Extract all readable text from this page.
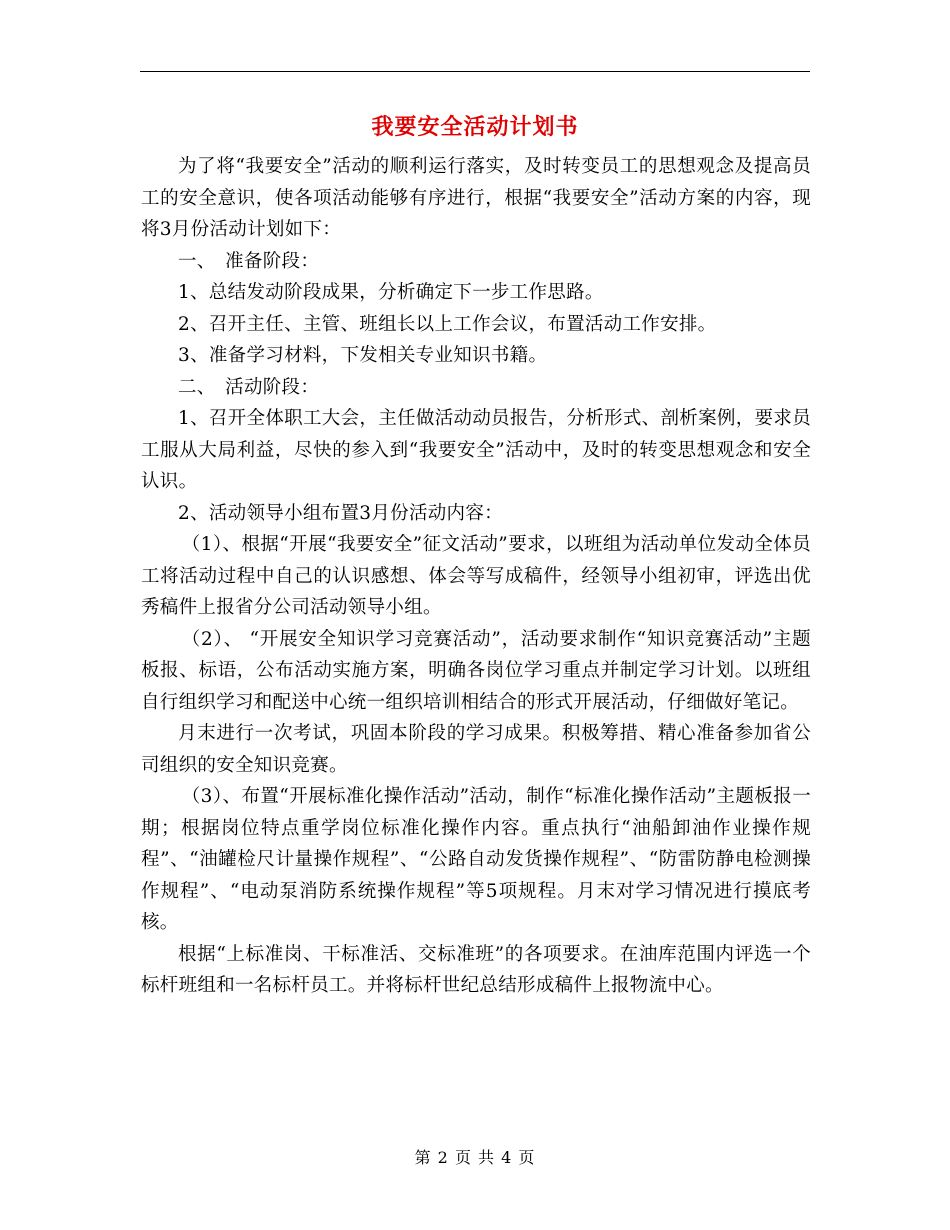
我要安全活动计划书

为了将“我要安全”活动的顺利运行落实，及时转变员工的思想观念及提高员工的安全意识，使各项活动能够有序进行，根据“我要安全”活动方案的内容，现将3月份活动计划如下：

一、　准备阶段：

1、总结发动阶段成果，分析确定下一步工作思路。

2、召开主任、主管、班组长以上工作会议，布置活动工作安排。

3、准备学习材料，下发相关专业知识书籍。

二、　活动阶段：

1、召开全体职工大会，主任做活动动员报告，分析形式、剖析案例，要求员工服从大局利益，尽快的参入到“我要安全”活动中，及时的转变思想观念和安全认识。

2、活动领导小组布置3月份活动内容：

（1）、根据“开展“我要安全”征文活动”要求，以班组为活动单位发动全体员工将活动过程中自己的认识感想、体会等写成稿件，经领导小组初审，评选出优秀稿件上报省分公司活动领导小组。

（2）、 “开展安全知识学习竞赛活动”，活动要求制作“知识竞赛活动”主题板报、标语，公布活动实施方案，明确各岗位学习重点并制定学习计划。以班组自行组织学习和配送中心统一组织培训相结合的形式开展活动，仔细做好笔记。

月末进行一次考试，巩固本阶段的学习成果。积极筹措、精心准备参加省公司组织的安全知识竞赛。

（3）、布置“开展标准化操作活动”活动，制作“标准化操作活动”主题板报一期；根据岗位特点重学岗位标准化操作内容。重点执行“油船卸油作业操作规程”、“油罐检尺计量操作规程”、“公路自动发货操作规程”、“防雷防静电检测操作规程”、“电动泵消防系统操作规程”等5项规程。月末对学习情况进行摸底考核。

根据“上标准岗、干标准活、交标准班”的各项要求。在油库范围内评选一个标杆班组和一名标杆员工。并将标杆世纪总结形成稿件上报物流中心。

第 2 页 共 4 页
